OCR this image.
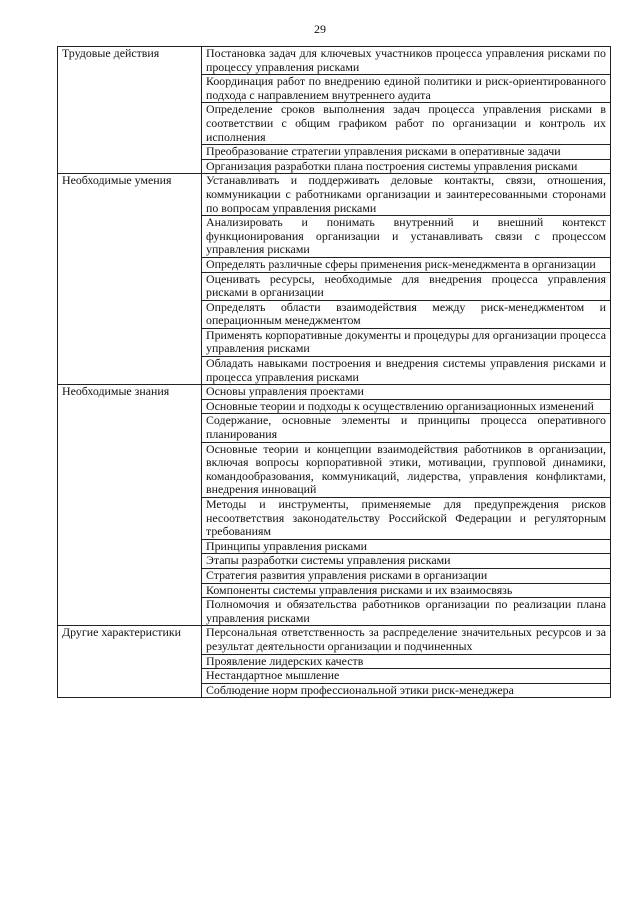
29
Трудовые действия	Постановка задач для ключевых участников процесса управления рисками по процессу управления рисками
	Координация работ по внедрению единой политики и риск-ориентированного подхода с направлением внутреннего аудита
	Определение сроков выполнения задач процесса управления рисками в соответствии с общим графиком работ по организации и контроль их исполнения
	Преобразование стратегии управления рисками в оперативные задачи
	Организация разработки плана построения системы управления рисками
Необходимые умения	Устанавливать и поддерживать деловые контакты, связи, отношения, коммуникации с работниками организации и заинтересованными сторонами по вопросам управления рисками
	Анализировать и понимать внутренний и внешний контекст функционирования организации и устанавливать связи с процессом управления рисками
	Определять различные сферы применения риск-менеджмента в организации
	Оценивать ресурсы, необходимые для внедрения процесса управления рисками в организации
	Определять области взаимодействия между риск-менеджментом и операционным менеджментом
	Применять корпоративные документы и процедуры для организации процесса управления рисками
	Обладать навыками построения и внедрения системы управления рисками и процесса управления рисками
Необходимые знания	Основы управления проектами
	Основные теории и подходы к осуществлению организационных изменений
	Содержание, основные элементы и принципы процесса оперативного планирования
	Основные теории и концепции взаимодействия работников в организации, включая вопросы корпоративной этики, мотивации, групповой динамики, командообразования, коммуникаций, лидерства, управления конфликтами, внедрения инноваций
	Методы и инструменты, применяемые для предупреждения рисков несоответствия законодательству Российской Федерации и регуляторным требованиям
	Принципы управления рисками
	Этапы разработки системы управления рисками
	Стратегия развития управления рисками в организации
	Компоненты системы управления рисками и их взаимосвязь
	Полномочия и обязательства работников организации по реализации плана управления рисками
Другие характеристики	Персональная ответственность за распределение значительных ресурсов и за результат деятельности организации и подчиненных
	Проявление лидерских качеств
	Нестандартное мышление
	Соблюдение норм профессиональной этики риск-менеджера
